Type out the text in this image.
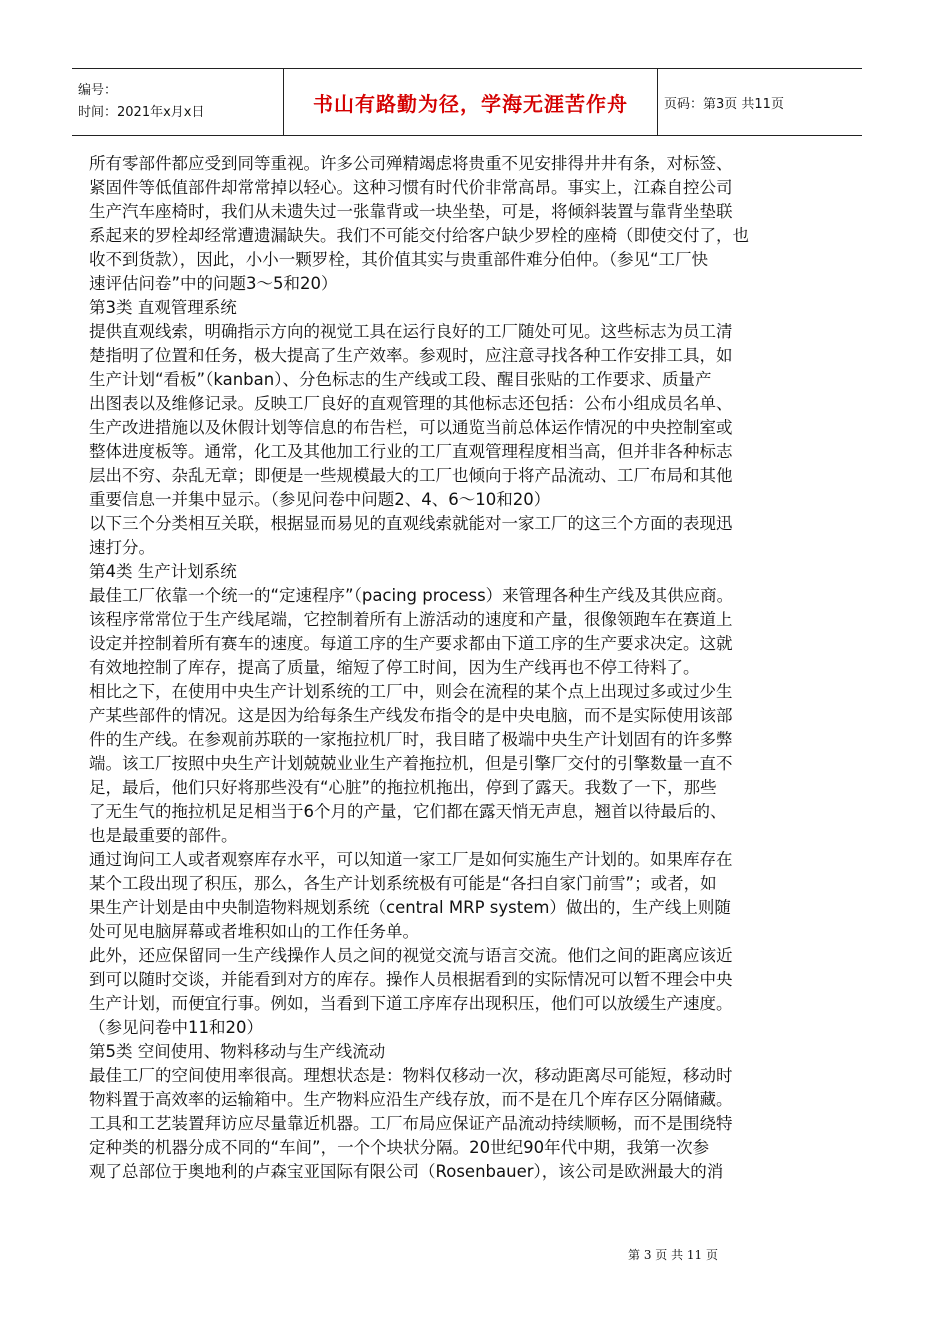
编号：
时间：2021年x月x日	书山有路勤为径，学海无涯苦作舟	页码：第3页 共11页

所有零部件都应受到同等重视。许多公司殚精竭虑将贵重不见安排得井井有条，对标签、

紧固件等低值部件却常常掉以轻心。这种习惯有时代价非常高昂。事实上，江森自控公司

生产汽车座椅时，我们从未遗失过一张靠背或一块坐垫，可是，将倾斜装置与靠背坐垫联

系起来的罗栓却经常遭遗漏缺失。我们不可能交付给客户缺少罗栓的座椅（即使交付了，也

收不到货款），因此，小小一颗罗栓，其价值其实与贵重部件难分伯仲。（参见“工厂快

速评估问卷”中的问题3～5和20）

第3类 直观管理系统

提供直观线索，明确指示方向的视觉工具在运行良好的工厂随处可见。这些标志为员工清

楚指明了位置和任务，极大提高了生产效率。参观时，应注意寻找各种工作安排工具，如

生产计划“看板”（kanban）、分色标志的生产线或工段、醒目张贴的工作要求、质量产

出图表以及维修记录。反映工厂良好的直观管理的其他标志还包括：公布小组成员名单、

生产改进措施以及休假计划等信息的布告栏，可以通览当前总体运作情况的中央控制室或

整体进度板等。通常，化工及其他加工行业的工厂直观管理程度相当高，但并非各种标志

层出不穷、杂乱无章；即便是一些规模最大的工厂也倾向于将产品流动、工厂布局和其他

重要信息一并集中显示。（参见问卷中问题2、4、6～10和20）

以下三个分类相互关联，根据显而易见的直观线索就能对一家工厂的这三个方面的表现迅

速打分。

第4类 生产计划系统

最佳工厂依靠一个统一的“定速程序”（pacing process）来管理各种生产线及其供应商。

该程序常常位于生产线尾端，它控制着所有上游活动的速度和产量，很像领跑车在赛道上

设定并控制着所有赛车的速度。每道工序的生产要求都由下道工序的生产要求决定。这就

有效地控制了库存，提高了质量，缩短了停工时间，因为生产线再也不停工待料了。

相比之下，在使用中央生产计划系统的工厂中，则会在流程的某个点上出现过多或过少生

产某些部件的情况。这是因为给每条生产线发布指令的是中央电脑，而不是实际使用该部

件的生产线。在参观前苏联的一家拖拉机厂时，我目睹了极端中央生产计划固有的许多弊

端。该工厂按照中央生产计划兢兢业业生产着拖拉机，但是引擎厂交付的引擎数量一直不

足，最后，他们只好将那些没有“心脏”的拖拉机拖出，停到了露天。我数了一下，那些

了无生气的拖拉机足足相当于6个月的产量，它们都在露天悄无声息，翘首以待最后的、

也是最重要的部件。

通过询问工人或者观察库存水平，可以知道一家工厂是如何实施生产计划的。如果库存在

某个工段出现了积压，那么，各生产计划系统极有可能是“各扫自家门前雪”；或者，如

果生产计划是由中央制造物料规划系统（central MRP system）做出的，生产线上则随

处可见电脑屏幕或者堆积如山的工作任务单。

此外，还应保留同一生产线操作人员之间的视觉交流与语言交流。他们之间的距离应该近

到可以随时交谈，并能看到对方的库存。操作人员根据看到的实际情况可以暂不理会中央

生产计划，而便宜行事。例如，当看到下道工序库存出现积压，他们可以放缓生产速度。

（参见问卷中11和20）

第5类 空间使用、物料移动与生产线流动

最佳工厂的空间使用率很高。理想状态是：物料仅移动一次，移动距离尽可能短，移动时

物料置于高效率的运输箱中。生产物料应沿生产线存放，而不是在几个库存区分隔储藏。

工具和工艺装置拜访应尽量靠近机器。工厂布局应保证产品流动持续顺畅，而不是围绕特

定种类的机器分成不同的“车间”，一个个块状分隔。20世纪90年代中期，我第一次参

观了总部位于奥地利的卢森宝亚国际有限公司（Rosenbauer），该公司是欧洲最大的消

第 3 页 共 11 页
